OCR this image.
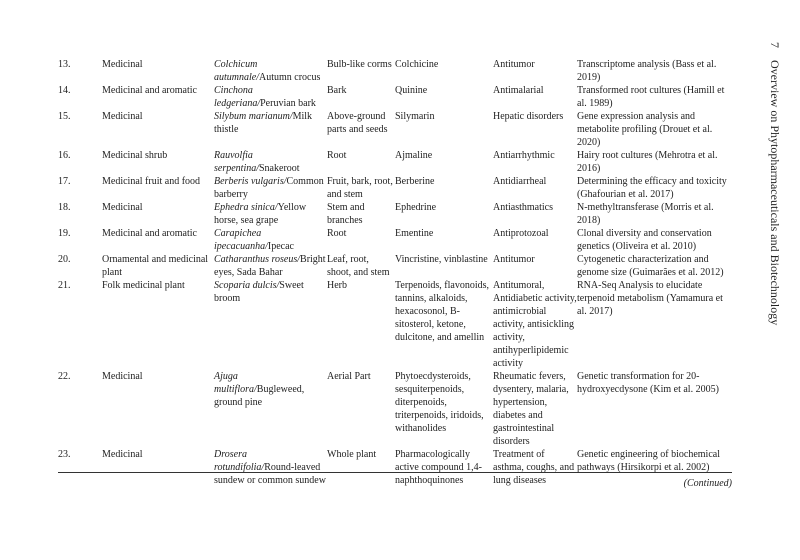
13.	Medicinal	Colchicum autumnale/Autumn crocus	Bulb-like corms	Colchicine	Antitumor	Transcriptome analysis (Bass et al. 2019)
14.	Medicinal and aromatic	Cinchona ledgeriana/Peruvian bark	Bark	Quinine	Antimalarial	Transformed root cultures (Hamill et al. 1989)
15.	Medicinal	Silybum marianum/Milk thistle	Above-ground parts and seeds	Silymarin	Hepatic disorders	Gene expression analysis and metabolite profiling (Drouet et al. 2020)
16.	Medicinal shrub	Rauvolfia serpentina/Snakeroot	Root	Ajmaline	Antiarrhythmic	Hairy root cultures (Mehrotra et al. 2016)
17.	Medicinal fruit and food	Berberis vulgaris/Common barberry	Fruit, bark, root, and stem	Berberine	Antidiarrheal	Determining the efficacy and toxicity (Ghafourian et al. 2017)
18.	Medicinal	Ephedra sinica/Yellow horse, sea grape	Stem and branches	Ephedrine	Antiasthmatics	N-methyltransferase (Morris et al. 2018)
19.	Medicinal and aromatic	Carapichea ipecacuanha/Ipecac	Root	Ementine	Antiprotozoal	Clonal diversity and conservation genetics (Oliveira et al. 2010)
20.	Ornamental and medicinal plant	Catharanthus roseus/Bright eyes, Sada Bahar	Leaf, root, shoot, and stem	Vincristine, vinblastine	Antitumor	Cytogenetic characterization and genome size (Guimarães et al. 2012)
21.	Folk medicinal plant	Scoparia dulcis/Sweet broom	Herb	Terpenoids, flavonoids, tannins, alkaloids, hexacosonol, B-sitosterol, ketone, dulcitone, and amellin	Antitumoral, Antidiabetic activity, antimicrobial activity, antisickling activity, antihyperlipidemic activity	RNA-Seq Analysis to elucidate terpenoid metabolism (Yamamura et al. 2017)
22.	Medicinal	Ajuga multiflora/Bugleweed, ground pine	Aerial Part	Phytoecdysteroids, sesquiterpenoids, diterpenoids, triterpenoids, iridoids, withanolides	Rheumatic fevers, dysentery, malaria, hypertension, diabetes and gastrointestinal disorders	Genetic transformation for 20-hydroxyecdysone (Kim et al. 2005)
23.	Medicinal	Drosera rotundifolia/Round-leaved sundew or common sundew	Whole plant	Pharmacologically active compound 1,4-naphthoquinones	Treatment of asthma, coughs, and lung diseases	Genetic engineering of biochemical pathways (Hirsikorpi et al. 2002)
(Continued)
7
Overview on Phytopharmaceuticals and Biotechnology
